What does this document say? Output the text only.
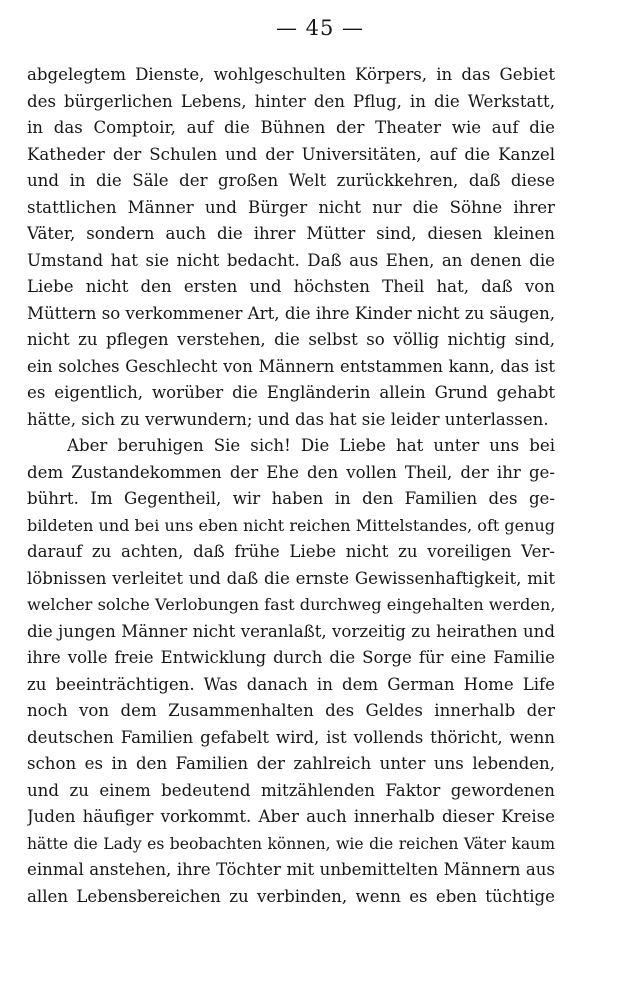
— 45 —
abgelegtem Dienste, wohlgeschulten Körpers, in das Gebiet
des bürgerlichen Lebens, hinter den Pflug, in die Werkstatt,
in das Comptoir, auf die Bühnen der Theater wie auf die
Katheder der Schulen und der Universitäten, auf die Kanzel
und in die Säle der großen Welt zurückkehren, daß diese
stattlichen Männer und Bürger nicht nur die Söhne ihrer
Väter, sondern auch die ihrer Mütter sind, diesen kleinen
Umstand hat sie nicht bedacht. Daß aus Ehen, an denen die
Liebe nicht den ersten und höchsten Theil hat, daß von
Müttern so verkommener Art, die ihre Kinder nicht zu säugen,
nicht zu pflegen verstehen, die selbst so völlig nichtig sind,
ein solches Geschlecht von Männern entstammen kann, das ist
es eigentlich, worüber die Engländerin allein Grund gehabt
hätte, sich zu verwundern; und das hat sie leider unterlassen.
Aber beruhigen Sie sich! Die Liebe hat unter uns bei
dem Zustandekommen der Ehe den vollen Theil, der ihr ge-
bührt. Im Gegentheil, wir haben in den Familien des ge-
bildeten und bei uns eben nicht reichen Mittelstandes, oft genug
darauf zu achten, daß frühe Liebe nicht zu voreiligen Ver-
löbnissen verleitet und daß die ernste Gewissenhaftigkeit, mit
welcher solche Verlobungen fast durchweg eingehalten werden,
die jungen Männer nicht veranlaßt, vorzeitig zu heirathen und
ihre volle freie Entwicklung durch die Sorge für eine Familie
zu beeinträchtigen. Was danach in dem German Home Life
noch von dem Zusammenhalten des Geldes innerhalb der
deutschen Familien gefabelt wird, ist vollends thöricht, wenn
schon es in den Familien der zahlreich unter uns lebenden,
und zu einem bedeutend mitzählenden Faktor gewordenen
Juden häufiger vorkommt. Aber auch innerhalb dieser Kreise
hätte die Lady es beobachten können, wie die reichen Väter kaum
einmal anstehen, ihre Töchter mit unbemittelten Männern aus
allen Lebensbereichen zu verbinden, wenn es eben tüchtige
